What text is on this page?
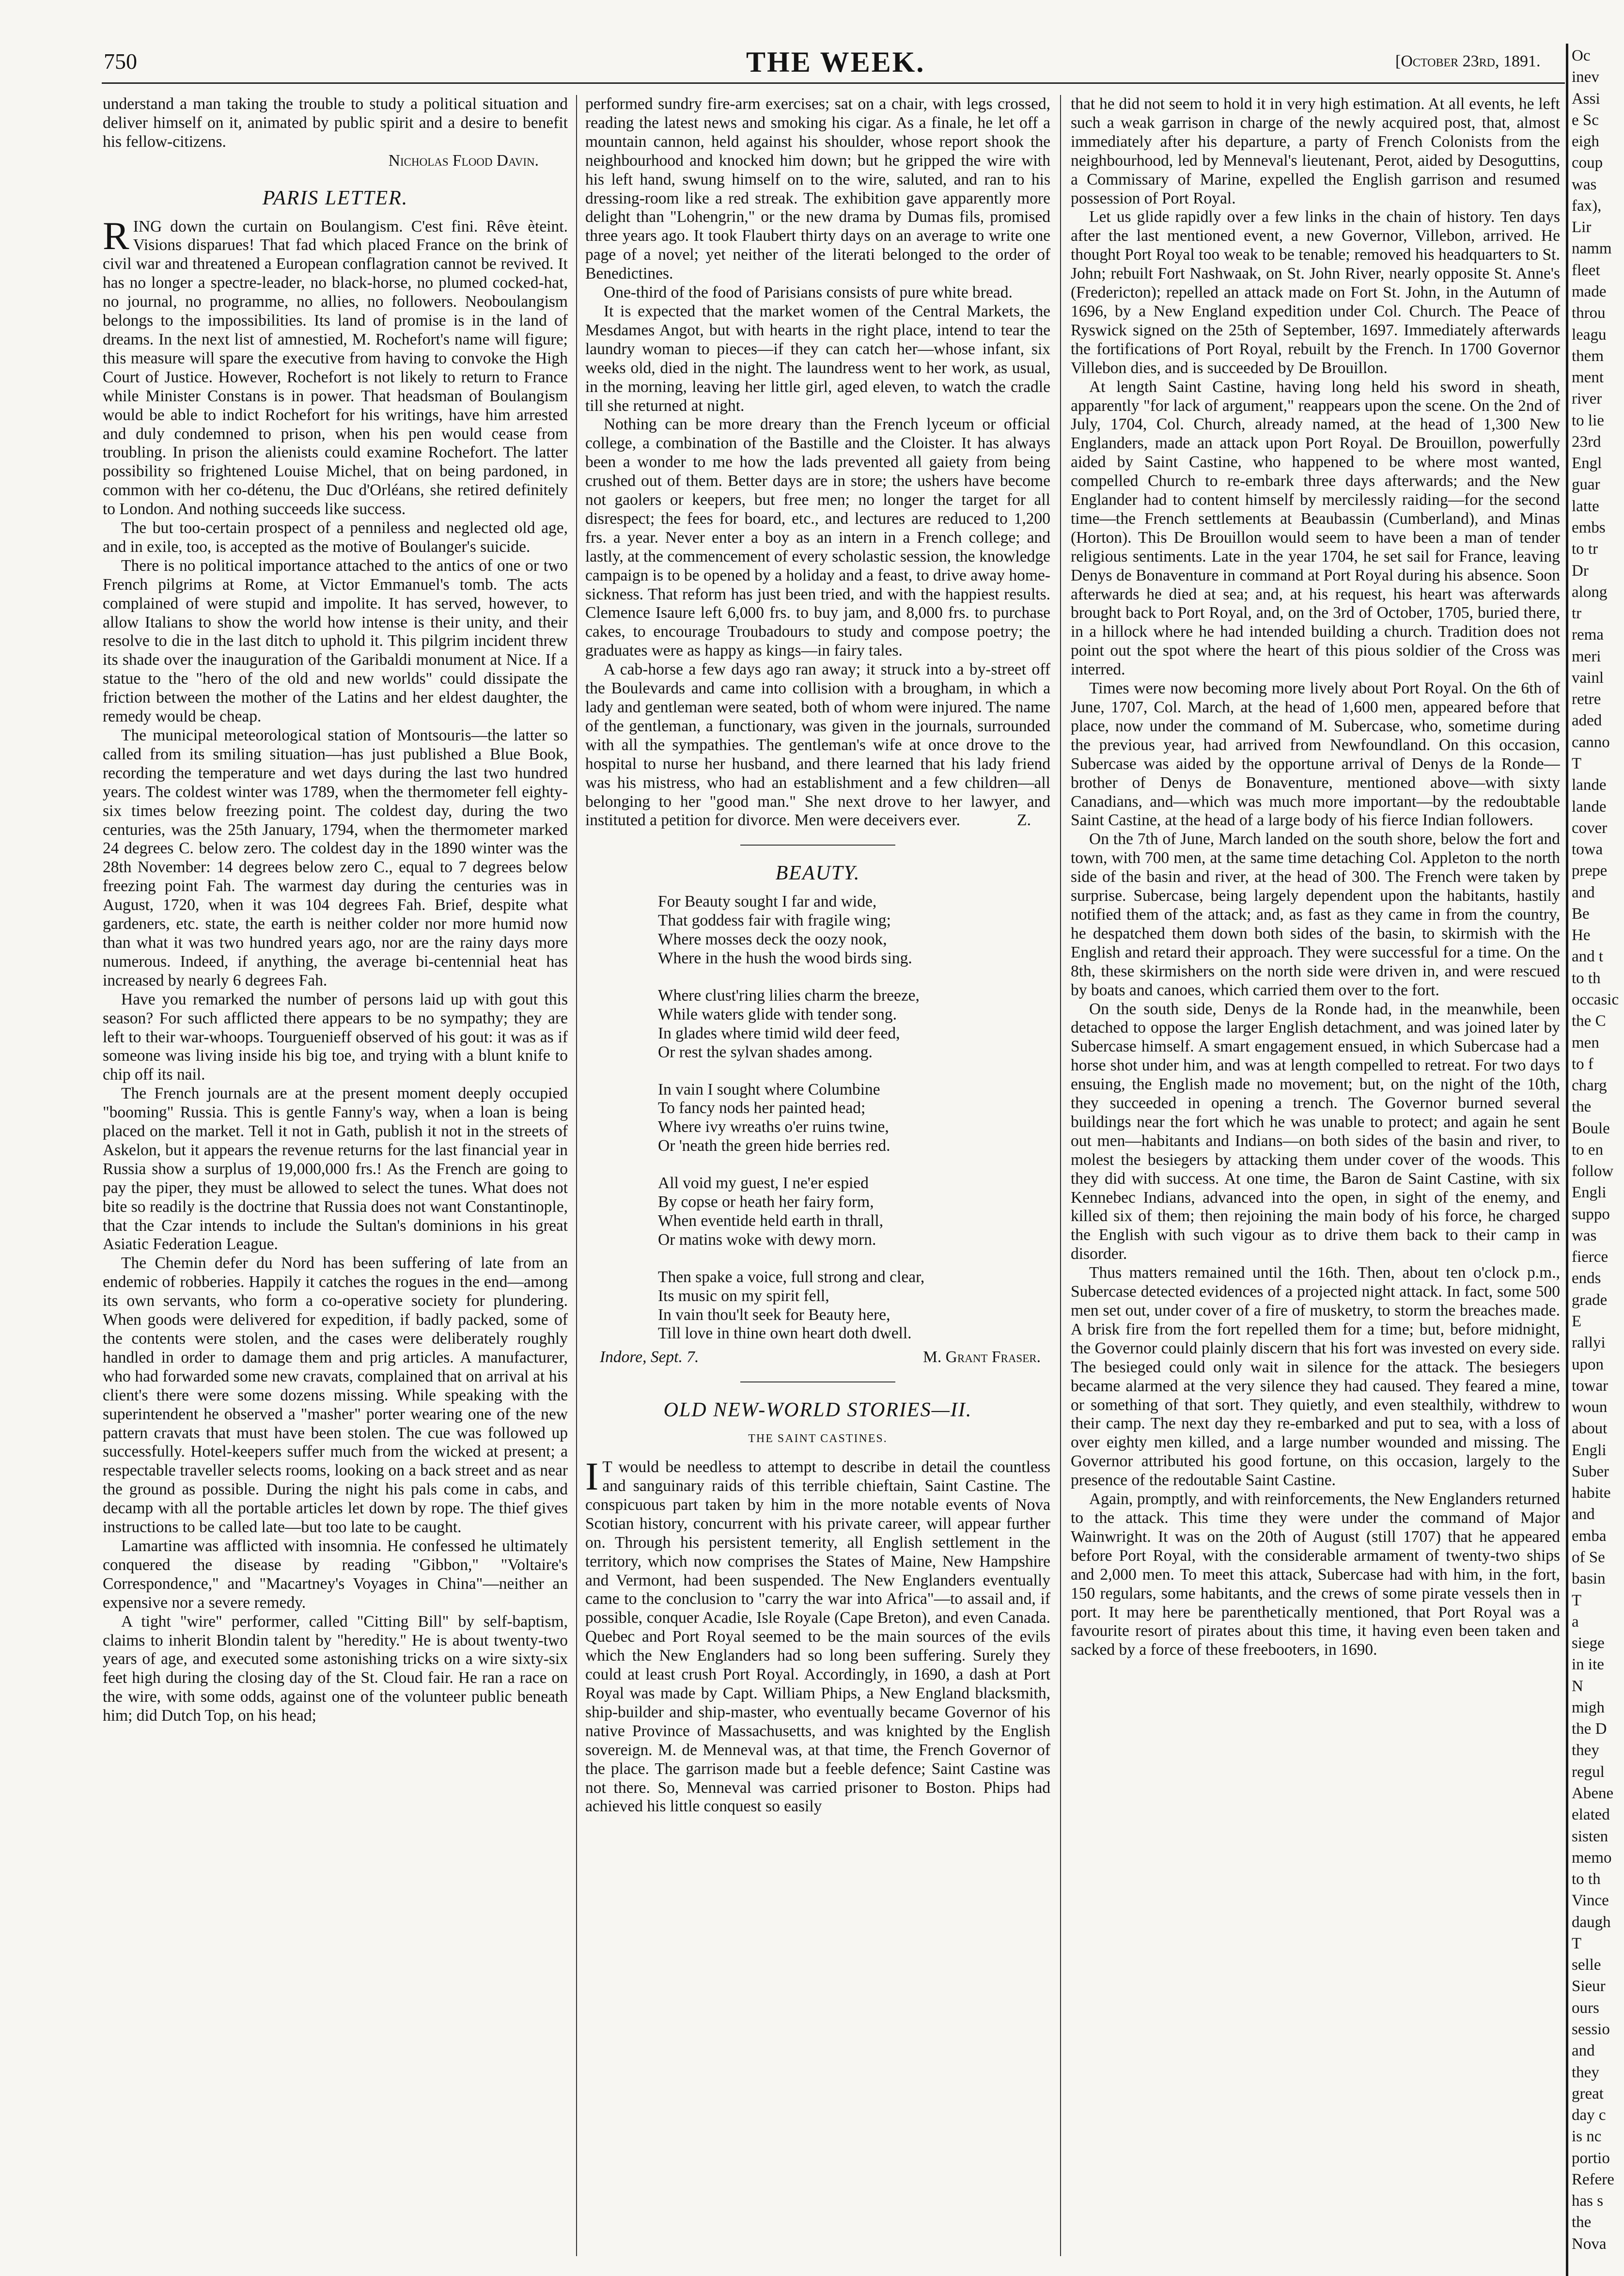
750	THE WEEK.	[October 23rd, 1891.

understand a man taking the trouble to study a political situation and deliver himself on it, animated by public spirit and a desire to benefit his fellow-citizens.

Nicholas Flood Davin.
PARIS LETTER.

RING down the curtain on Boulangism. C'est fini. Rêve èteint. Visions disparues! That fad which placed France on the brink of civil war and threatened a European conflagration cannot be revived. It has no longer a spectre-leader, no black-horse, no plumed cocked-hat, no journal, no programme, no allies, no followers. Neoboulangism belongs to the impossibilities. Its land of promise is in the land of dreams. In the next list of amnestied, M. Rochefort's name will figure; this measure will spare the executive from having to convoke the High Court of Justice. However, Rochefort is not likely to return to France while Minister Constans is in power. That headsman of Boulangism would be able to indict Rochefort for his writings, have him arrested and duly condemned to prison, when his pen would cease from troubling. In prison the alienists could examine Rochefort. The latter possibility so frightened Louise Michel, that on being pardoned, in common with her co-détenu, the Duc d'Orléans, she retired definitely to London. And nothing succeeds like success.

The but too-certain prospect of a penniless and neglected old age, and in exile, too, is accepted as the motive of Boulanger's suicide.

There is no political importance attached to the antics of one or two French pilgrims at Rome, at Victor Emmanuel's tomb. The acts complained of were stupid and impolite. It has served, however, to allow Italians to show the world how intense is their unity, and their resolve to die in the last ditch to uphold it. This pilgrim incident threw its shade over the inauguration of the Garibaldi monument at Nice. If a statue to the "hero of the old and new worlds" could dissipate the friction between the mother of the Latins and her eldest daughter, the remedy would be cheap.

The municipal meteorological station of Montsouris—the latter so called from its smiling situation—has just published a Blue Book, recording the temperature and wet days during the last two hundred years. The coldest winter was 1789, when the thermometer fell eighty-six times below freezing point. The coldest day, during the two centuries, was the 25th January, 1794, when the thermometer marked 24 degrees C. below zero. The coldest day in the 1890 winter was the 28th November: 14 degrees below zero C., equal to 7 degrees below freezing point Fah. The warmest day during the centuries was in August, 1720, when it was 104 degrees Fah. Brief, despite what gardeners, etc. state, the earth is neither colder nor more humid now than what it was two hundred years ago, nor are the rainy days more numerous. Indeed, if anything, the average bi-centennial heat has increased by nearly 6 degrees Fah.

Have you remarked the number of persons laid up with gout this season? For such afflicted there appears to be no sympathy; they are left to their war-whoops. Tourguenieff observed of his gout: it was as if someone was living inside his big toe, and trying with a blunt knife to chip off its nail.

The French journals are at the present moment deeply occupied "booming" Russia. This is gentle Fanny's way, when a loan is being placed on the market. Tell it not in Gath, publish it not in the streets of Askelon, but it appears the revenue returns for the last financial year in Russia show a surplus of 19,000,000 frs.! As the French are going to pay the piper, they must be allowed to select the tunes. What does not bite so readily is the doctrine that Russia does not want Constantinople, that the Czar intends to include the Sultan's dominions in his great Asiatic Federation League.

The Chemin defer du Nord has been suffering of late from an endemic of robberies. Happily it catches the rogues in the end—among its own servants, who form a co-operative society for plundering. When goods were delivered for expedition, if badly packed, some of the contents were stolen, and the cases were deliberately roughly handled in order to damage them and prig articles. A manufacturer, who had forwarded some new cravats, complained that on arrival at his client's there were some dozens missing. While speaking with the superintendent he observed a "masher" porter wearing one of the new pattern cravats that must have been stolen. The cue was followed up successfully. Hotel-keepers suffer much from the wicked at present; a respectable traveller selects rooms, looking on a back street and as near the ground as possible. During the night his pals come in cabs, and decamp with all the portable articles let down by rope. The thief gives instructions to be called late—but too late to be caught.

Lamartine was afflicted with insomnia. He confessed he ultimately conquered the disease by reading "Gibbon," "Voltaire's Correspondence," and "Macartney's Voyages in China"—neither an expensive nor a severe remedy.

A tight "wire" performer, called "Citting Bill" by self-baptism, claims to inherit Blondin talent by "heredity." He is about twenty-two years of age, and executed some astonishing tricks on a wire sixty-six feet high during the closing day of the St. Cloud fair. He ran a race on the wire, with some odds, against one of the volunteer public beneath him; did Dutch Top, on his head;

performed sundry fire-arm exercises; sat on a chair, with legs crossed, reading the latest news and smoking his cigar. As a finale, he let off a mountain cannon, held against his shoulder, whose report shook the neighbourhood and knocked him down; but he gripped the wire with his left hand, swung himself on to the wire, saluted, and ran to his dressing-room like a red streak. The exhibition gave apparently more delight than "Lohengrin," or the new drama by Dumas fils, promised three years ago. It took Flaubert thirty days on an average to write one page of a novel; yet neither of the literati belonged to the order of Benedictines.

One-third of the food of Parisians consists of pure white bread.

It is expected that the market women of the Central Markets, the Mesdames Angot, but with hearts in the right place, intend to tear the laundry woman to pieces—if they can catch her—whose infant, six weeks old, died in the night. The laundress went to her work, as usual, in the morning, leaving her little girl, aged eleven, to watch the cradle till she returned at night.

Nothing can be more dreary than the French lyceum or official college, a combination of the Bastille and the Cloister. It has always been a wonder to me how the lads prevented all gaiety from being crushed out of them. Better days are in store; the ushers have become not gaolers or keepers, but free men; no longer the target for all disrespect; the fees for board, etc., and lectures are reduced to 1,200 frs. a year. Never enter a boy as an intern in a French college; and lastly, at the commencement of every scholastic session, the knowledge campaign is to be opened by a holiday and a feast, to drive away home-sickness. That reform has just been tried, and with the happiest results. Clemence Isaure left 6,000 frs. to buy jam, and 8,000 frs. to purchase cakes, to encourage Troubadours to study and compose poetry; the graduates were as happy as kings—in fairy tales.

A cab-horse a few days ago ran away; it struck into a by-street off the Boulevards and came into collision with a brougham, in which a lady and gentleman were seated, both of whom were injured. The name of the gentleman, a functionary, was given in the journals, surrounded with all the sympathies. The gentleman's wife at once drove to the hospital to nurse her husband, and there learned that his lady friend was his mistress, who had an establishment and a few children—all belonging to her "good man." She next drove to her lawyer, and instituted a petition for divorce. Men were deceivers ever.	Z.

BEAUTY.
For Beauty sought I far and wide,
That goddess fair with fragile wing;
Where mosses deck the oozy nook,
Where in the hush the wood birds sing.
Where clust'ring lilies charm the breeze,
While waters glide with tender song.
In glades where timid wild deer feed,
Or rest the sylvan shades among.
In vain I sought where Columbine
To fancy nods her painted head;
Where ivy wreaths o'er ruins twine,
Or 'neath the green hide berries red.
All void my guest, I ne'er espied
By copse or heath her fairy form,
When eventide held earth in thrall,
Or matins woke with dewy morn.
Then spake a voice, full strong and clear,
Its music on my spirit fell,
In vain thou'lt seek for Beauty here,
Till love in thine own heart doth dwell.
Indore, Sept. 7.	M. Grant Fraser.
OLD NEW-WORLD STORIES—II.
THE SAINT CASTINES.

I T would be needless to attempt to describe in detail the countless and sanguinary raids of this terrible chieftain, Saint Castine. The conspicuous part taken by him in the more notable events of Nova Scotian history, concurrent with his private career, will appear further on. Through his persistent temerity, all English settlement in the territory, which now comprises the States of Maine, New Hampshire and Vermont, had been suspended. The New Englanders eventually came to the conclusion to "carry the war into Africa"—to assail and, if possible, conquer Acadie, Isle Royale (Cape Breton), and even Canada. Quebec and Port Royal seemed to be the main sources of the evils which the New Englanders had so long been suffering. Surely they could at least crush Port Royal. Accordingly, in 1690, a dash at Port Royal was made by Capt. William Phips, a New England blacksmith, ship-builder and ship-master, who eventually became Governor of his native Province of Massachusetts, and was knighted by the English sovereign. M. de Menneval was, at that time, the French Governor of the place. The garrison made but a feeble defence; Saint Castine was not there. So, Menneval was carried prisoner to Boston. Phips had achieved his little conquest so easily

that he did not seem to hold it in very high estimation. At all events, he left such a weak garrison in charge of the newly acquired post, that, almost immediately after his departure, a party of French Colonists from the neighbourhood, led by Menneval's lieutenant, Perot, aided by Desoguttins, a Commissary of Marine, expelled the English garrison and resumed possession of Port Royal.

Let us glide rapidly over a few links in the chain of history. Ten days after the last mentioned event, a new Governor, Villebon, arrived. He thought Port Royal too weak to be tenable; removed his headquarters to St. John; rebuilt Fort Nashwaak, on St. John River, nearly opposite St. Anne's (Fredericton); repelled an attack made on Fort St. John, in the Autumn of 1696, by a New England expedition under Col. Church. The Peace of Ryswick signed on the 25th of September, 1697. Immediately afterwards the fortifications of Port Royal, rebuilt by the French. In 1700 Governor Villebon dies, and is succeeded by De Brouillon.

At length Saint Castine, having long held his sword in sheath, apparently "for lack of argument," reappears upon the scene. On the 2nd of July, 1704, Col. Church, already named, at the head of 1,300 New Englanders, made an attack upon Port Royal. De Brouillon, powerfully aided by Saint Castine, who happened to be where most wanted, compelled Church to re-embark three days afterwards; and the New Englander had to content himself by mercilessly raiding—for the second time—the French settlements at Beaubassin (Cumberland), and Minas (Horton). This De Brouillon would seem to have been a man of tender religious sentiments. Late in the year 1704, he set sail for France, leaving Denys de Bonaventure in command at Port Royal during his absence. Soon afterwards he died at sea; and, at his request, his heart was afterwards brought back to Port Royal, and, on the 3rd of October, 1705, buried there, in a hillock where he had intended building a church. Tradition does not point out the spot where the heart of this pious soldier of the Cross was interred.

Times were now becoming more lively about Port Royal. On the 6th of June, 1707, Col. March, at the head of 1,600 men, appeared before that place, now under the command of M. Subercase, who, sometime during the previous year, had arrived from Newfoundland. On this occasion, Subercase was aided by the opportune arrival of Denys de la Ronde—brother of Denys de Bonaventure, mentioned above—with sixty Canadians, and—which was much more important—by the redoubtable Saint Castine, at the head of a large body of his fierce Indian followers.

On the 7th of June, March landed on the south shore, below the fort and town, with 700 men, at the same time detaching Col. Appleton to the north side of the basin and river, at the head of 300. The French were taken by surprise. Subercase, being largely dependent upon the habitants, hastily notified them of the attack; and, as fast as they came in from the country, he despatched them down both sides of the basin, to skirmish with the English and retard their approach. They were successful for a time. On the 8th, these skirmishers on the north side were driven in, and were rescued by boats and canoes, which carried them over to the fort.

On the south side, Denys de la Ronde had, in the meanwhile, been detached to oppose the larger English detachment, and was joined later by Subercase himself. A smart engagement ensued, in which Subercase had a horse shot under him, and was at length compelled to retreat. For two days ensuing, the English made no movement; but, on the night of the 10th, they succeeded in opening a trench. The Governor burned several buildings near the fort which he was unable to protect; and again he sent out men—habitants and Indians—on both sides of the basin and river, to molest the besiegers by attacking them under cover of the woods. This they did with success. At one time, the Baron de Saint Castine, with six Kennebec Indians, advanced into the open, in sight of the enemy, and killed six of them; then rejoining the main body of his force, he charged the English with such vigour as to drive them back to their camp in disorder.

Thus matters remained until the 16th. Then, about ten o'clock p.m., Subercase detected evidences of a projected night attack. In fact, some 500 men set out, under cover of a fire of musketry, to storm the breaches made. A brisk fire from the fort repelled them for a time; but, before midnight, the Governor could plainly discern that his fort was invested on every side. The besieged could only wait in silence for the attack. The besiegers became alarmed at the very silence they had caused. They feared a mine, or something of that sort. They quietly, and even stealthily, withdrew to their camp. The next day they re-embarked and put to sea, with a loss of over eighty men killed, and a large number wounded and missing. The Governor attributed his good fortune, on this occasion, largely to the presence of the redoutable Saint Castine.

Again, promptly, and with reinforcements, the New Englanders returned to the attack. This time they were under the command of Major Wainwright. It was on the 20th of August (still 1707) that he appeared before Port Royal, with the considerable armament of twenty-two ships and 2,000 men. To meet this attack, Subercase had with him, in the fort, 150 regulars, some habitants, and the crews of some pirate vessels then in port. It may here be parenthetically mentioned, that Port Royal was a favourite resort of pirates about this time, it having even been taken and sacked by a force of these freebooters, in 1690.

Oc
inev
Assi
e Sc
eigh
coup
was
fax),
Lir
namm
fleet
made
throu
leagu
them
ment
river
to lie
23rd
Engl
guar
latte
embs
to tr
Dr
along
tr
rema
meri
vainl
retre
aded
canno
T
lande
lande
cover
towa
prepe
and
Be
He
and t
to th
occasic
the C
men
to f
charg
the
Boule
to en
follow
Engli
suppo
was
fierce
ends
grade
E
rallyi
upon
towar
woun
about
Engli
Suber
habite
and
emba
of Se
basin
T
a
siege
in ite
N
migh
the D
they
regul
Abene
elated
sisten
memo
to th
Vince
daugh
T
selle
Sieur
ours
sessio
and
they
great
day c
is nc
portio
Refere
has s
the
Nova
